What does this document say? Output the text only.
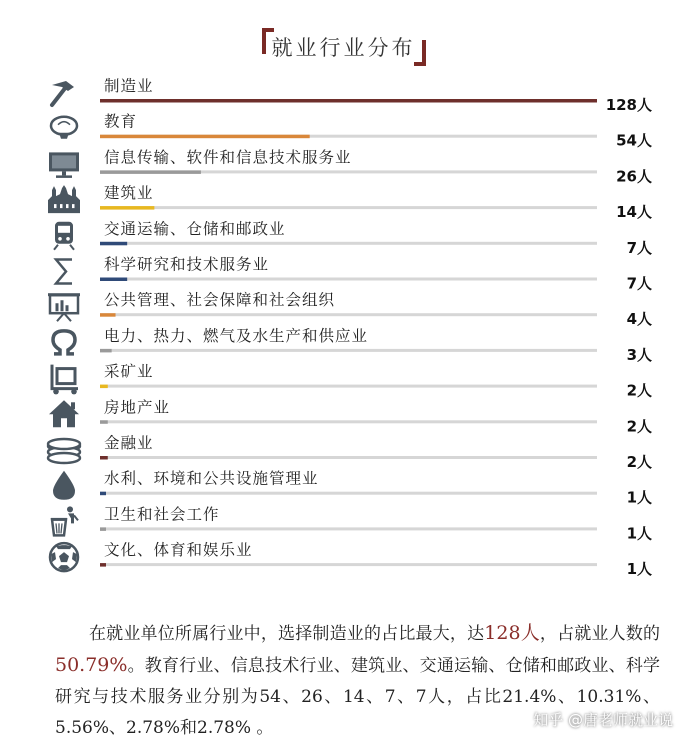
就业行业分布
制造业
128人
教育
54人
信息传输、软件和信息技术服务业
26人
建筑业
14人
交通运输、仓储和邮政业
7人
科学研究和技术服务业
7人
公共管理、社会保障和社会组织
4人
电力、热力、燃气及水生产和供应业
3人
采矿业
2人
房地产业
2人
金融业
2人
水利、环境和公共设施管理业
1人
卫生和社会工作
1人
文化、体育和娱乐业
1人
在就业单位所属行业中，选择制造业的占比最大，达128人，占就业人数的50.79%。教育行业、信息技术行业、建筑业、交通运输、仓储和邮政业、科学研究与技术服务业分别为54、26、14、7、7人，占比21.4%、10.31%、5.56%、2.78%和2.78% 。	知乎 @唐老师就业说
